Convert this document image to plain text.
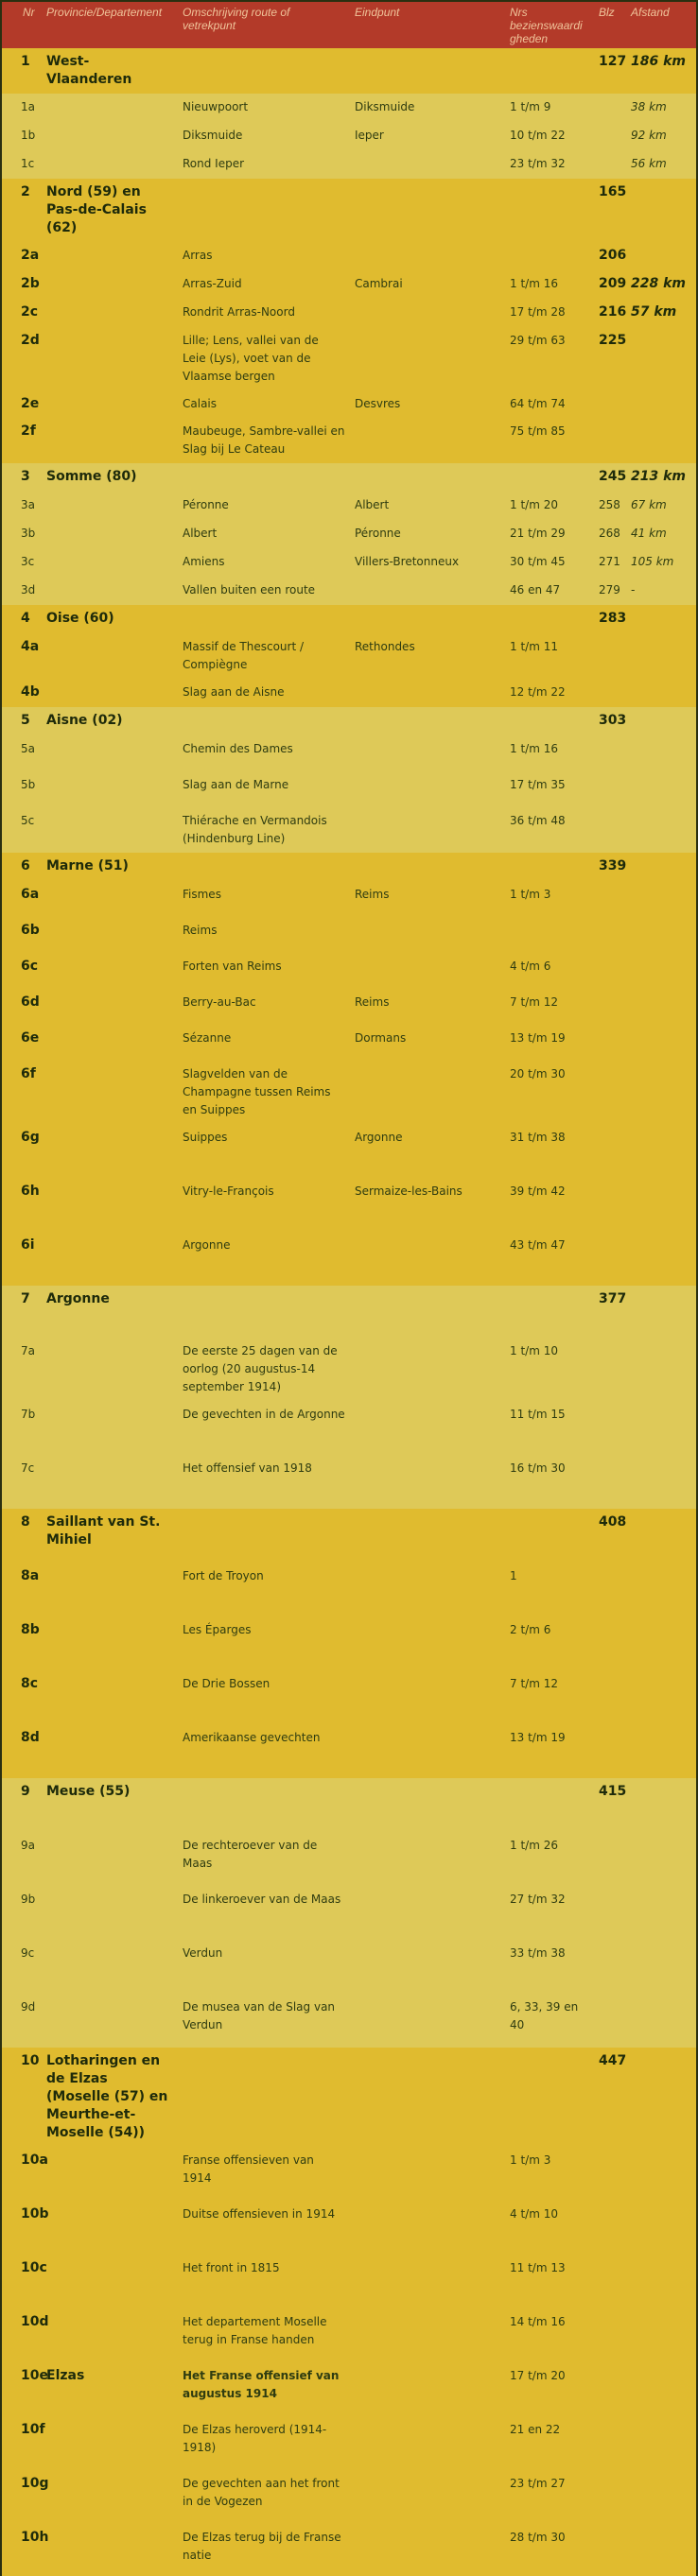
Nr	Provincie/Departement	Omschrijving route of vetrekpunt	Eindpunt	Nrs bezienswaardi gheden	Blz	Afstand
1	West-Vlaanderen				127	186 km
1a		Nieuwpoort	Diksmuide	1 t/m 9		38 km
1b		Diksmuide	Ieper	10 t/m 22		92 km
1c		Rond Ieper		23 t/m 32		56 km
2	Nord (59) en Pas-de-Calais (62)				165	
2a		Arras			206	
2b		Arras-Zuid	Cambrai	1 t/m 16	209	228 km
2c		Rondrit Arras-Noord		17 t/m 28	216	57 km
2d		Lille; Lens, vallei van de Leie (Lys), voet van de Vlaamse bergen		29 t/m 63	225	
2e		Calais	Desvres	64 t/m 74		
2f		Maubeuge, Sambre-vallei en Slag bij Le Cateau		75 t/m 85		
3	Somme (80)				245	213 km
3a		Péronne	Albert	1 t/m 20	258	67 km
3b		Albert	Péronne	21 t/m 29	268	41 km
3c		Amiens	Villers-Bretonneux	30 t/m 45	271	105 km
3d		Vallen buiten een route		46 en 47	279	-
4	Oise (60)				283	
4a		Massif de Thescourt / Compiègne	Rethondes	1 t/m 11		
4b		Slag aan de Aisne		12 t/m 22		
5	Aisne (02)				303	
5a		Chemin des Dames		1 t/m 16		
5b		Slag aan de Marne		17 t/m 35		
5c		Thiérache en Vermandois (Hindenburg Line)		36 t/m 48		
6	Marne (51)				339	
6a		Fismes	Reims	1 t/m 3		
6b		Reims				
6c		Forten van Reims		4 t/m 6		
6d		Berry-au-Bac	Reims	7 t/m 12		
6e		Sézanne	Dormans	13 t/m 19		
6f		Slagvelden van de Champagne tussen Reims en Suippes		20 t/m 30		
6g		Suippes	Argonne	31 t/m 38		
6h		Vitry-le-François	Sermaize-les-Bains	39 t/m 42		
6i		Argonne		43 t/m 47		
7	Argonne				377	
7a		De eerste 25 dagen van de oorlog (20 augustus-14 september 1914)		1 t/m 10		
7b		De gevechten in de Argonne		11 t/m 15		
7c		Het offensief van 1918		16 t/m 30		
8	Saillant van St. Mihiel				408	
8a		Fort de Troyon		1		
8b		Les Éparges		2 t/m 6		
8c		De Drie Bossen		7 t/m 12		
8d		Amerikaanse gevechten		13 t/m 19		
9	Meuse (55)				415	
9a		De rechteroever van de Maas		1 t/m 26		
9b		De linkeroever van de Maas		27 t/m 32		
9c		Verdun		33 t/m 38		
9d		De musea van de Slag van Verdun		6, 33, 39 en 40		
10	Lotharingen en de Elzas (Moselle (57) en Meurthe-et-Moselle (54))				447	
10a		Franse offensieven van 1914		1 t/m 3		
10b		Duitse offensieven in 1914		4 t/m 10		
10c		Het front in 1815		11 t/m 13		
10d		Het departement Moselle terug in Franse handen		14 t/m 16		
10e	Elzas	Het Franse offensief van augustus 1914		17 t/m 20		
10f		De Elzas heroverd (1914-1918)		21 en 22		
10g		De gevechten aan het front in de Vogezen		23 t/m 27		
10h		De Elzas terug bij de Franse natie		28 t/m 30		
